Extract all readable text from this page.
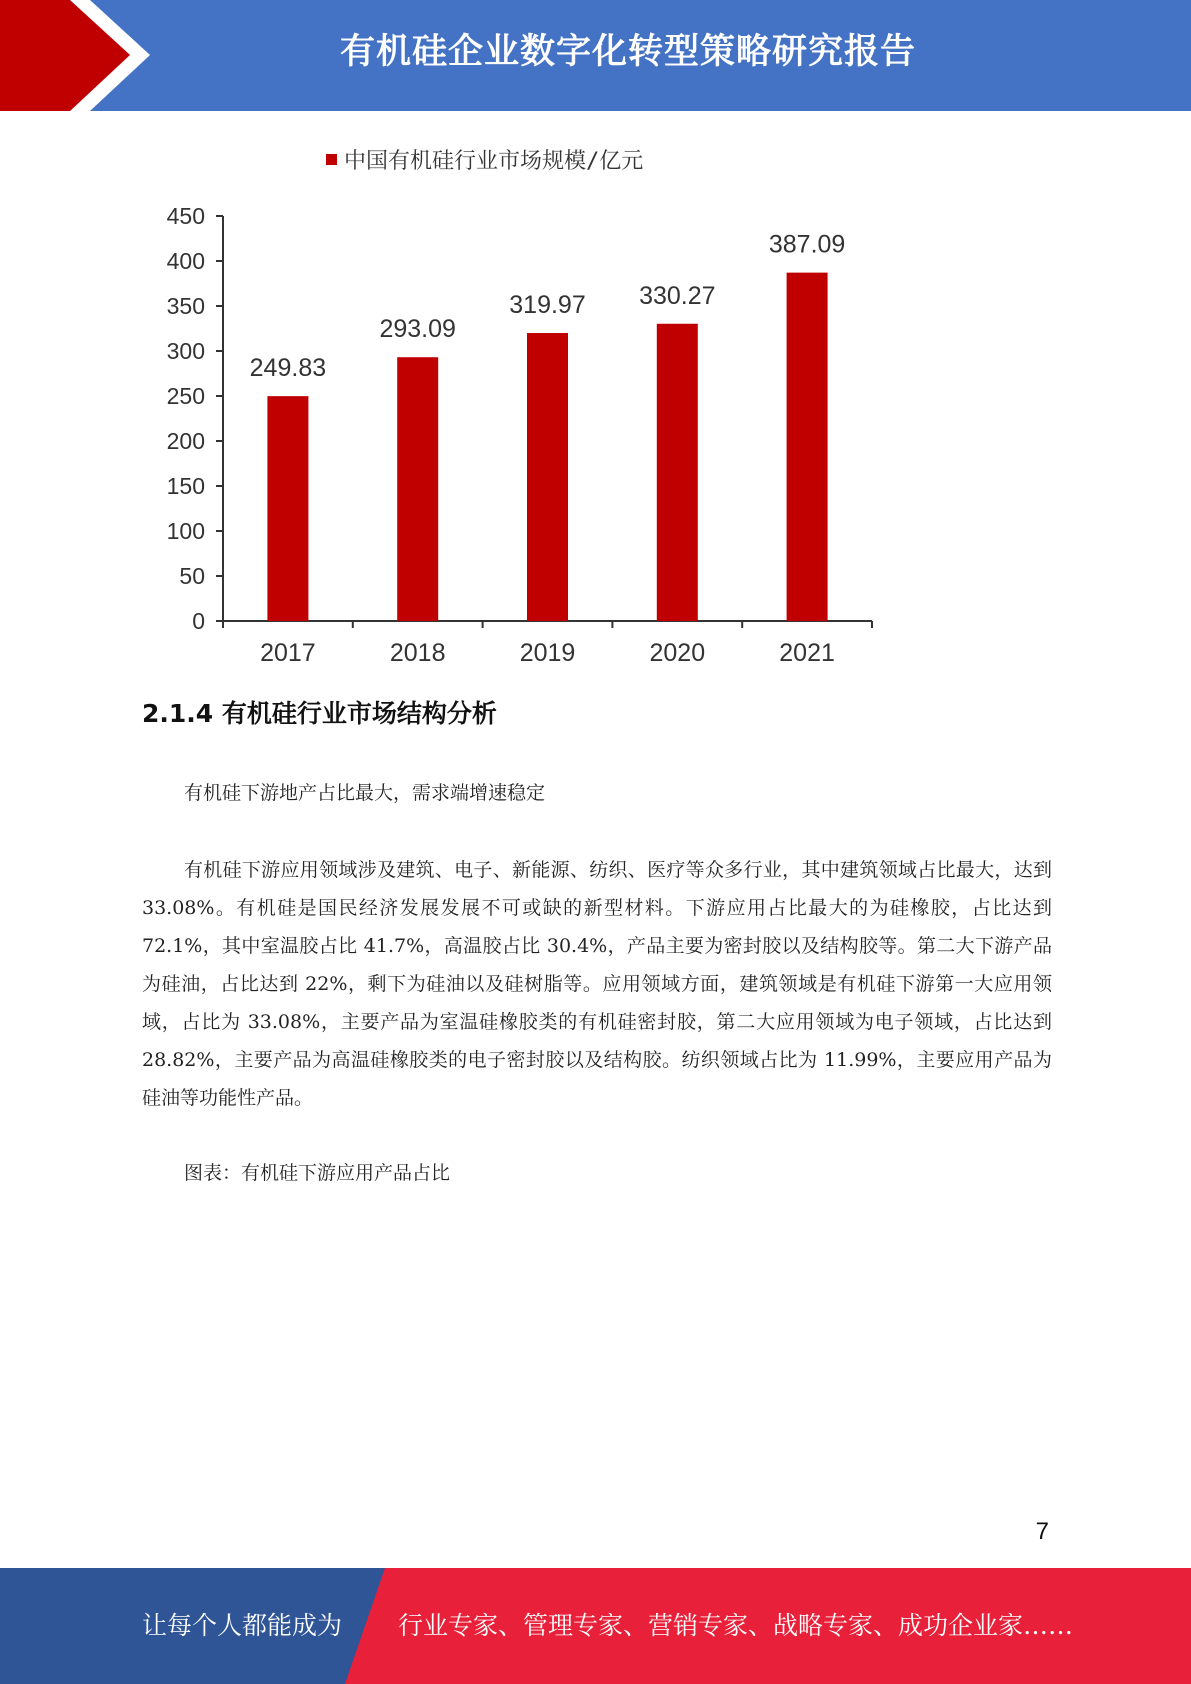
有机硅企业数字化转型策略研究报告
中国有机硅行业市场规模/亿元
0
50
100
150
200
250
300
350
400
450
2017	2018	2019	2020	2021
249.83
293.09
319.97 330.27
387.09
2.1.4 有机硅行业市场结构分析
有机硅下游地产占比最大，需求端增速稳定
有机硅下游应用领域涉及建筑、电子、新能源、纺织、医疗等众多行业，其中建筑领域占比最大，达到 33.08%。有机硅是国民经济发展发展不可或缺的新型材料。下游应用占比最大的为硅橡胶，占比达到 72.1%，其中室温胶占比 41.7%，高温胶占比 30.4%，产品主要为密封胶以及结构胶等。第二大下游产品为硅油，占比达到 22%，剩下为硅油以及硅树脂等。应用领域方面，建筑领域是有机硅下游第一大应用领域，占比为 33.08%，主要产品为室温硅橡胶类的有机硅密封胶，第二大应用领域为电子领域，占比达到 28.82%，主要产品为高温硅橡胶类的电子密封胶以及结构胶。纺织领域占比为 11.99%，主要应用产品为硅油等功能性产品。
图表：有机硅下游应用产品占比
7
让每个人都能成为 行业专家、管理专家、营销专家、战略专家、成功企业家……
